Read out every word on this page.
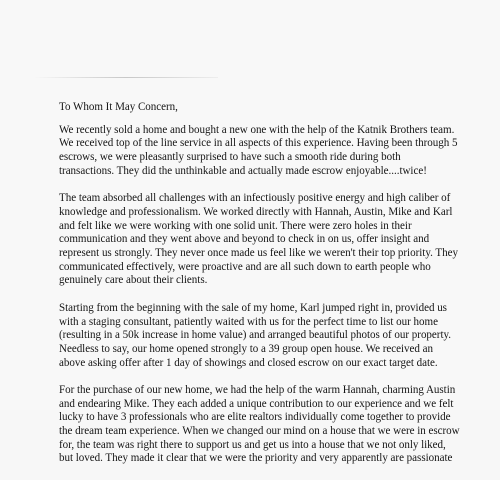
To Whom It May Concern,
We recently sold a home and bought a new one with the help of the Katnik Brothers team.
We received top of the line service in all aspects of this experience. Having been through 5
escrows, we were pleasantly surprised to have such a smooth ride during both
transactions. They did the unthinkable and actually made escrow enjoyable....twice!
The team absorbed all challenges with an infectiously positive energy and high caliber of
knowledge and professionalism. We worked directly with Hannah, Austin, Mike and Karl
and felt like we were working with one solid unit. There were zero holes in their
communication and they went above and beyond to check in on us, offer insight and
represent us strongly. They never once made us feel like we weren't their top priority. They
communicated effectively, were proactive and are all such down to earth people who
genuinely care about their clients.
Starting from the beginning with the sale of my home, Karl jumped right in, provided us
with a staging consultant, patiently waited with us for the perfect time to list our home
(resulting in a 50k increase in home value) and arranged beautiful photos of our property.
Needless to say, our home opened strongly to a 39 group open house. We received an
above asking offer after 1 day of showings and closed escrow on our exact target date.
For the purchase of our new home, we had the help of the warm Hannah, charming Austin
and endearing Mike. They each added a unique contribution to our experience and we felt
lucky to have 3 professionals who are elite realtors individually come together to provide
the dream team experience. When we changed our mind on a house that we were in escrow
for, the team was right there to support us and get us into a house that we not only liked,
but loved. They made it clear that we were the priority and very apparently are passionate
